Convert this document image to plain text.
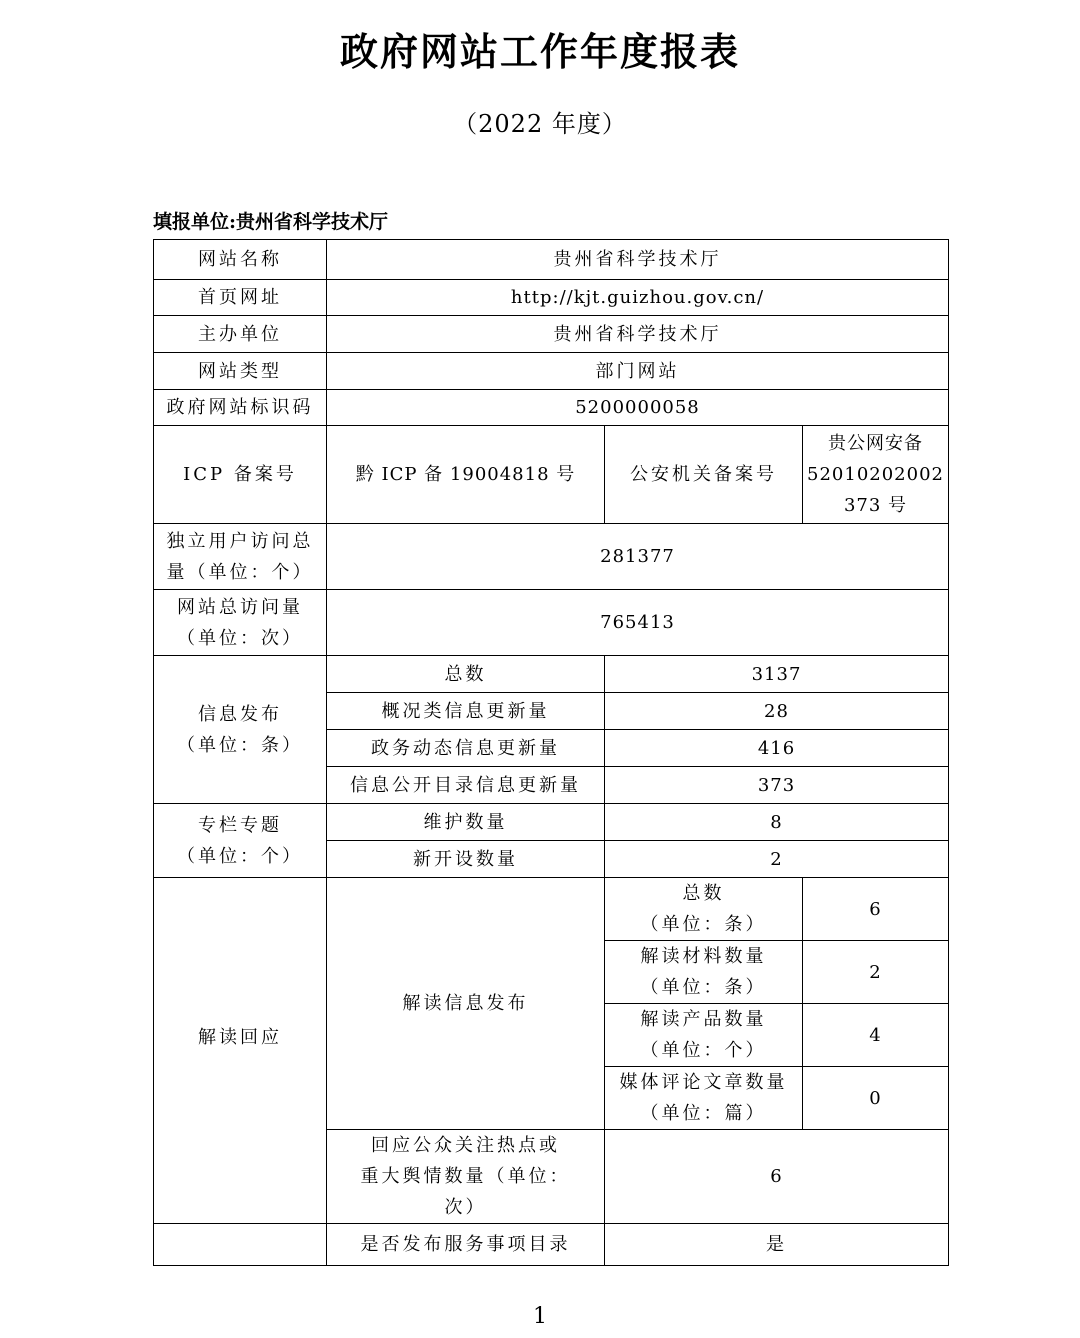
政府网站工作年度报表
（2022 年度）
填报单位:贵州省科学技术厅
网站名称	贵州省科学技术厅		
首页网址	http://kjt.guizhou.gov.cn/		
主办单位	贵州省科学技术厅		
网站类型	部门网站		
政府网站标识码	5200000058		
ICP 备案号	黔 ICP 备 19004818 号	公安机关备案号	贵公网安备
52010202002
373 号
独立用户访问总
量（单位：个）	281377		
网站总访问量
（单位：次）	765413		
信息发布
（单位：条）	总数	3137	
	概况类信息更新量	28	
	政务动态信息更新量	416	
	信息公开目录信息更新量	373	
专栏专题
（单位：个）	维护数量	8	
	新开设数量	2	
解读回应	解读信息发布	总数
（单位：条）	6
		解读材料数量
（单位：条）	2
		解读产品数量
（单位：个）	4
		媒体评论文章数量
（单位：篇）	0
	回应公众关注热点或
重大舆情数量（单位：
次）	6	
	是否发布服务事项目录	是	
1
